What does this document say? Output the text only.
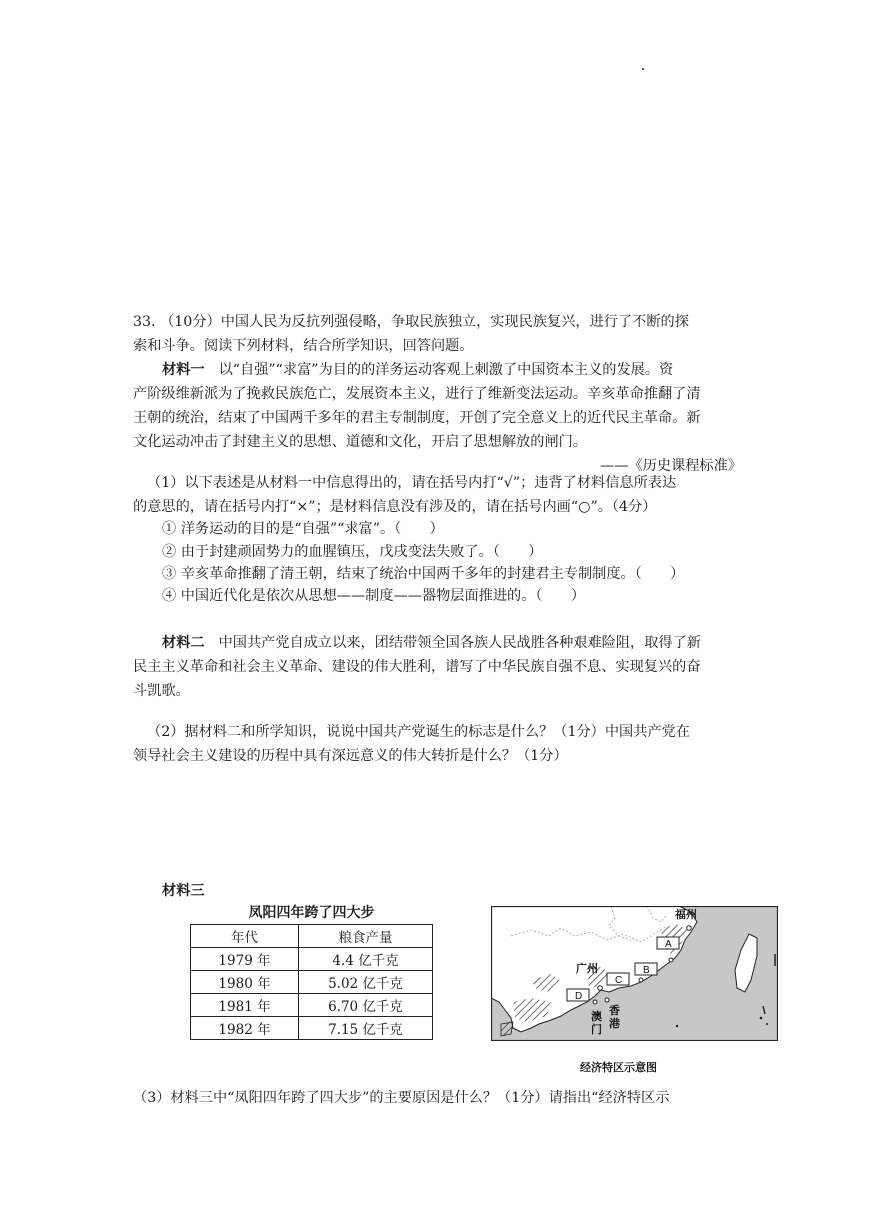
33. （10分）中国人民为反抗列强侵略，争取民族独立，实现民族复兴，进行了不断的探
索和斗争。阅读下列材料，结合所学知识，回答问题。
材料一 以“自强”“求富”为目的的洋务运动客观上刺激了中国资本主义的发展。资
产阶级维新派为了挽救民族危亡，发展资本主义，进行了维新变法运动。辛亥革命推翻了清
王朝的统治，结束了中国两千多年的君主专制制度，开创了完全意义上的近代民主革命。新
文化运动冲击了封建主义的思想、道德和文化，开启了思想解放的闸门。
——《历史课程标准》
（1）以下表述是从材料一中信息得出的，请在括号内打“√”；违背了材料信息所表达
的意思的，请在括号内打“×”；是材料信息没有涉及的，请在括号内画“○”。（4分）
① 洋务运动的目的是“自强”“求富”。（　　）
② 由于封建顽固势力的血腥镇压，戊戌变法失败了。（　　）
③ 辛亥革命推翻了清王朝，结束了统治中国两千多年的封建君主专制制度。（　　）
④ 中国近代化是依次从思想——制度——器物层面推进的。（　　）
材料二 中国共产党自成立以来，团结带领全国各族人民战胜各种艰难险阻，取得了新
民主主义革命和社会主义革命、建设的伟大胜利，谱写了中华民族自强不息、实现复兴的奋
斗凯歌。
（2）据材料二和所学知识，说说中国共产党诞生的标志是什么？（1分）中国共产党在
领导社会主义建设的历程中具有深远意义的伟大转折是什么？（1分）
材料三
凤阳四年跨了四大步
年代	粮食产量
1979 年	4.4 亿千克
1980 年	5.02 亿千克
1981 年	6.70 亿千克
1982 年	7.15 亿千克
A
B
C
D
福州
广州
香
港
澳
门
经济特区示意图
（3）材料三中“凤阳四年跨了四大步”的主要原因是什么？（1分）请指出“经济特区示
